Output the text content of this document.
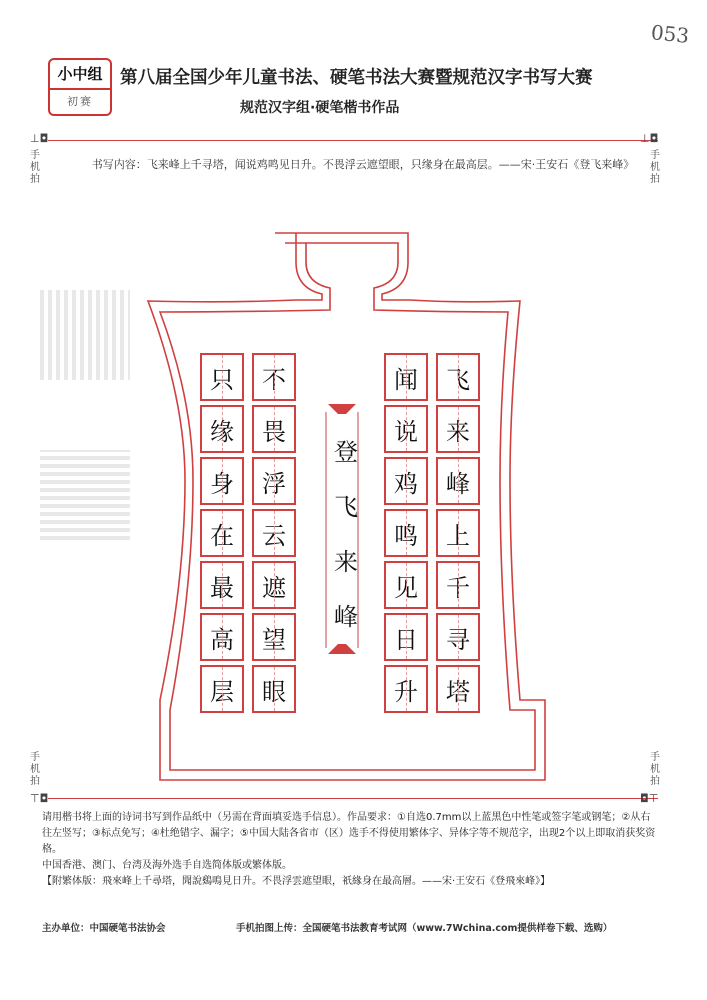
053
小中组
初赛
第八届全国少年儿童书法、硬笔书法大赛暨规范汉字书写大赛
规范汉字组·硬笔楷书作品
⊥◘	⊥◘
手机拍
手机拍
书写内容：飞来峰上千寻塔，闻说鸡鸣见日升。不畏浮云遮望眼，只缘身在最高层。——宋·王安石《登飞来峰》
飞
来
峰
上
千
寻
塔
闻
说
鸡
鸣
见
日
升
不
畏
浮
云
遮
望
眼
只
缘
身
在
最
高
层
登
飞
来
峰
手机拍
手机拍
⊤◘	◘⊤

请用楷书将上面的诗词书写到作品纸中（另需在背面填妥选手信息）。作品要求：①自选0.7mm以上蓝黑色中性笔或签字笔或钢笔；②从右往左竖写；③标点免写；④杜绝错字、漏字；⑤中国大陆各省市（区）选手不得使用繁体字、异体字等不规范字，出现2个以上即取消获奖资格。

中国香港、澳门、台湾及海外选手自选简体版或繁体版。

【附繁体版：飛來峰上千尋塔，聞說鷄鳴見日升。不畏浮雲遮望眼，祇緣身在最高層。——宋·王安石《登飛來峰》】

主办单位：中国硬笔书法协会	手机拍图上传：全国硬笔书法教育考试网（www.7Wchina.com提供样卷下载、选购）
